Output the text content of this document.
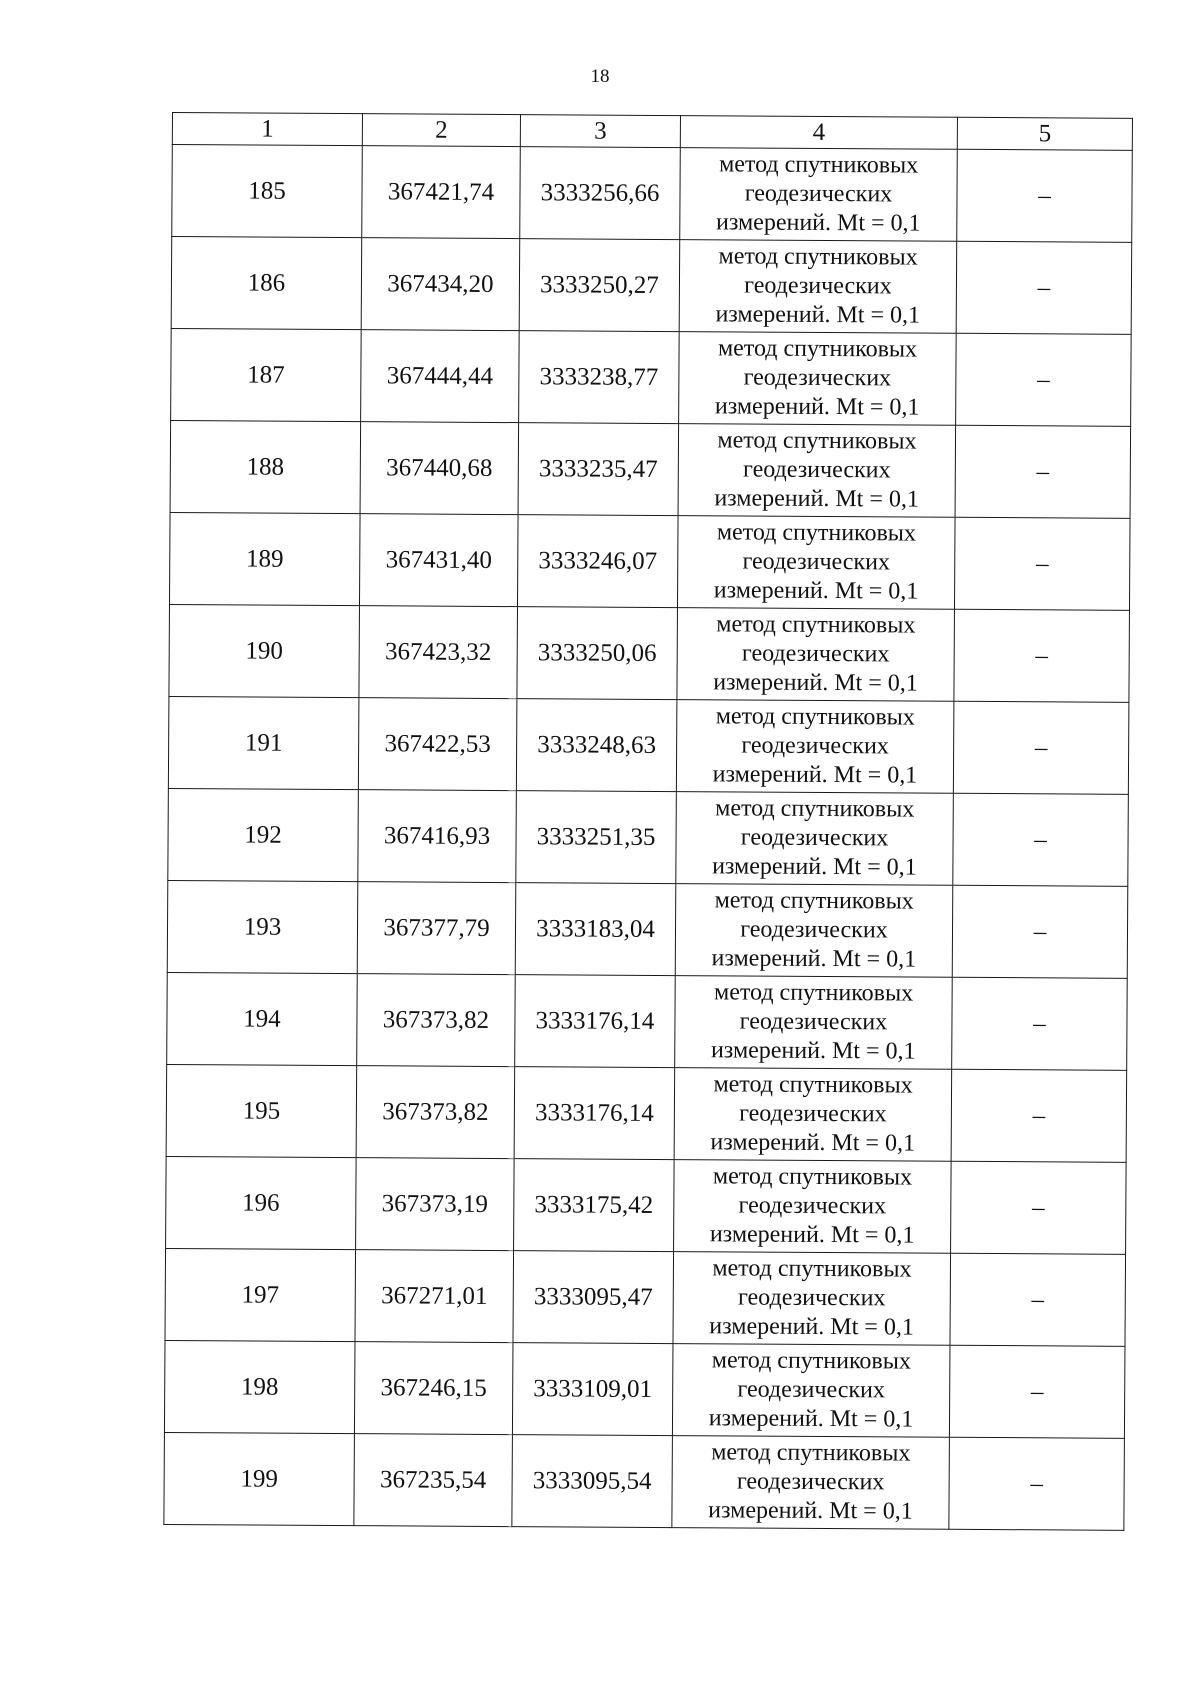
18
1	2	3	4	5
185	367421,74	3333256,66	метод спутниковых
геодезических
измерений. Mt = 0,1	–
186	367434,20	3333250,27	метод спутниковых
геодезических
измерений. Mt = 0,1	–
187	367444,44	3333238,77	метод спутниковых
геодезических
измерений. Mt = 0,1	–
188	367440,68	3333235,47	метод спутниковых
геодезических
измерений. Mt = 0,1	–
189	367431,40	3333246,07	метод спутниковых
геодезических
измерений. Mt = 0,1	–
190	367423,32	3333250,06	метод спутниковых
геодезических
измерений. Mt = 0,1	–
191	367422,53	3333248,63	метод спутниковых
геодезических
измерений. Mt = 0,1	–
192	367416,93	3333251,35	метод спутниковых
геодезических
измерений. Mt = 0,1	–
193	367377,79	3333183,04	метод спутниковых
геодезических
измерений. Mt = 0,1	–
194	367373,82	3333176,14	метод спутниковых
геодезических
измерений. Mt = 0,1	–
195	367373,82	3333176,14	метод спутниковых
геодезических
измерений. Mt = 0,1	–
196	367373,19	3333175,42	метод спутниковых
геодезических
измерений. Mt = 0,1	–
197	367271,01	3333095,47	метод спутниковых
геодезических
измерений. Mt = 0,1	–
198	367246,15	3333109,01	метод спутниковых
геодезических
измерений. Mt = 0,1	–
199	367235,54	3333095,54	метод спутниковых
геодезических
измерений. Mt = 0,1	–
